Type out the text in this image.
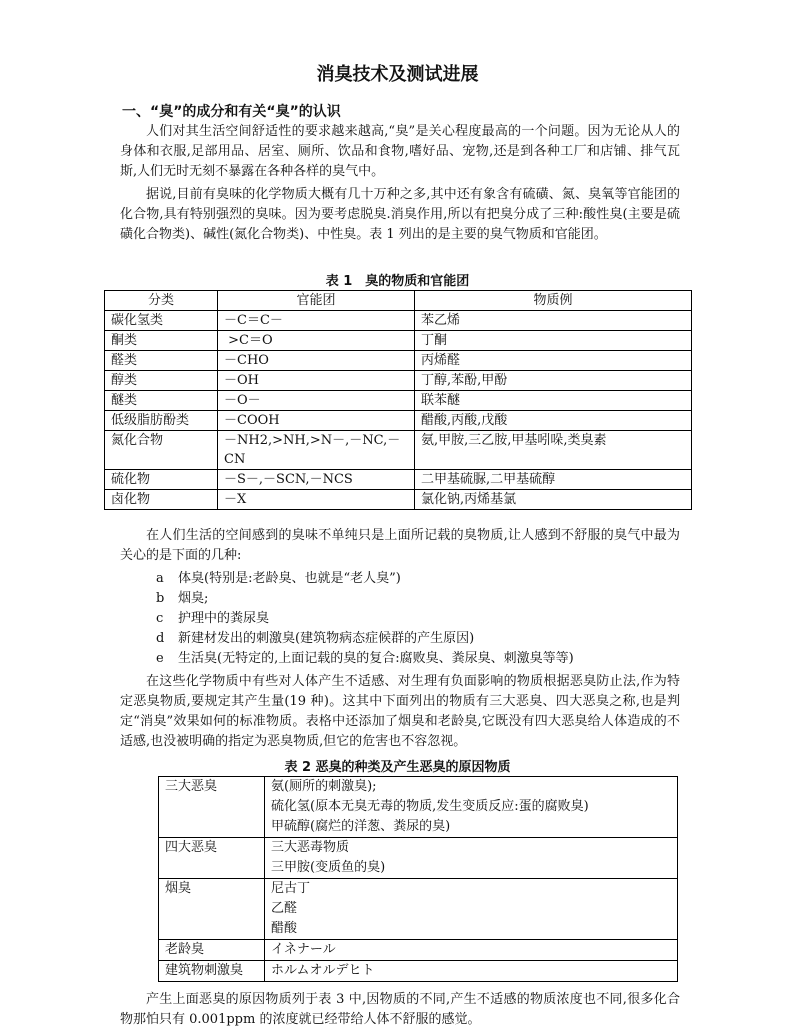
消臭技术及测试进展
一、“臭”的成分和有关“臭”的认识

人们对其生活空间舒适性的要求越来越高,“臭”是关心程度最高的一个问题。因为无论从人的身体和衣服,足部用品、居室、厕所、饮品和食物,嗜好品、宠物,还是到各种工厂和店铺、排气瓦斯,人们无时无刻不暴露在各种各样的臭气中。

据说,目前有臭味的化学物质大概有几十万种之多,其中还有象含有硫磺、氮、臭氧等官能团的化合物,具有特别强烈的臭味。因为要考虑脱臭.消臭作用,所以有把臭分成了三种:酸性臭(主要是硫磺化合物类)、碱性(氮化合物类)、中性臭。表 1 列出的是主要的臭气物质和官能团。

表 1　臭的物质和官能团
分类	官能团	物质例
碳化氢类	－C＝C－	苯乙烯
酮类	>C＝O	丁酮
醛类	－CHO	丙烯醛
醇类	－OH	丁醇,苯酚,甲酚
醚类	－O－	联苯醚
低级脂肪酚类	－COOH	醋酸,丙酸,戊酸
氮化合物	－NH2,>NH,>N－,－NC,－CN	氨,甲胺,三乙胺,甲基吲哚,类臭素
硫化物	－S－,－SCN,－NCS	二甲基硫脲,二甲基硫醇
卤化物	－X	氯化钠,丙烯基氯

在人们生活的空间感到的臭味不单纯只是上面所记载的臭物质,让人感到不舒服的臭气中最为关心的是下面的几种:

a 体臭(特别是:老龄臭、也就是“老人臭”)
b 烟臭;
c 护理中的粪尿臭
d 新建材发出的刺激臭(建筑物病态症候群的产生原因)
e 生活臭(无特定的,上面记载的臭的复合:腐败臭、粪尿臭、刺激臭等等)

在这些化学物质中有些对人体产生不适感、对生理有负面影响的物质根据恶臭防止法,作为特定恶臭物质,要规定其产生量(19 种)。这其中下面列出的物质有三大恶臭、四大恶臭之称,也是判定“消臭”效果如何的标准物质。表格中还添加了烟臭和老龄臭,它既没有四大恶臭给人体造成的不适感,也没被明确的指定为恶臭物质,但它的危害也不容忽视。

表 2 恶臭的种类及产生恶臭的原因物质
三大恶臭	氨(厕所的刺激臭);
硫化氢(原本无臭无毒的物质,发生变质反应:蛋的腐败臭)
甲硫醇(腐烂的洋葱、粪尿的臭)

四大恶臭	三大恶毒物质
三甲胺(变质鱼的臭)

烟臭	尼古丁
乙醛
醋酸

老龄臭	イネナール

建筑物刺激臭	ホルムオルデヒト

产生上面恶臭的原因物质列于表 3 中,因物质的不同,产生不适感的物质浓度也不同,很多化合物那怕只有 0.001ppm 的浓度就已经带给人体不舒服的感觉。
